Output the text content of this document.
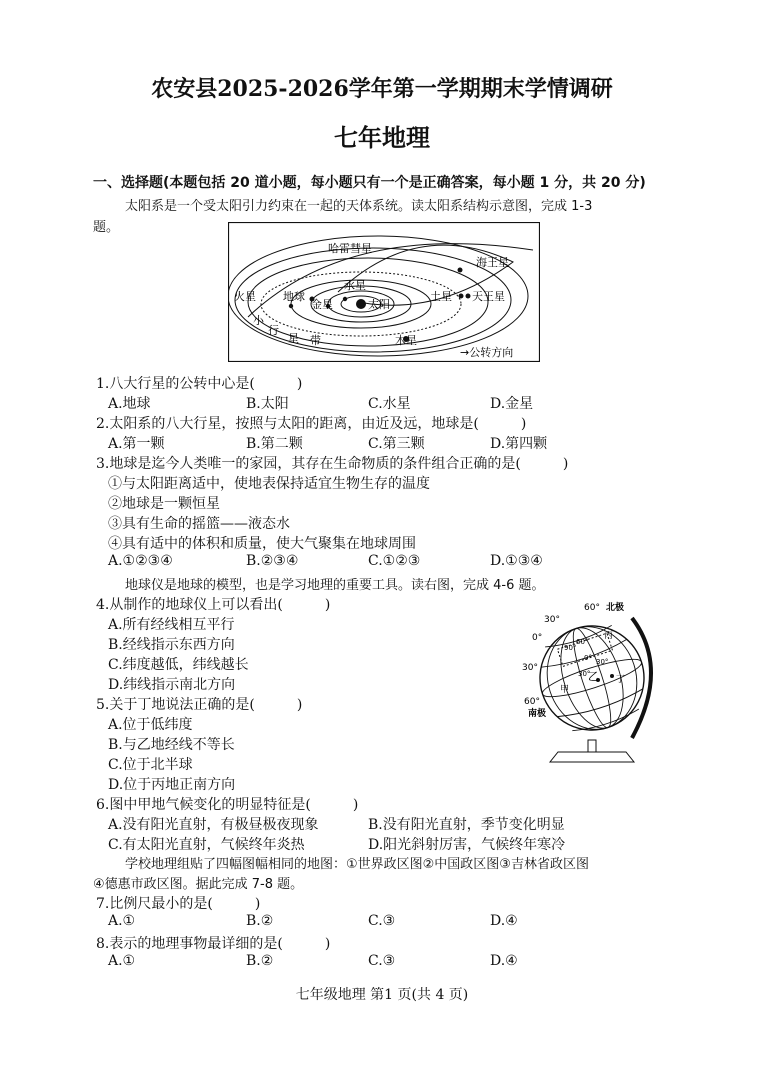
农安县2025-2026学年第一学期期末学情调研
七年地理
一、选择题(本题包括 20 道小题，每小题只有一个是正确答案，每小题 1 分，共 20 分)
太阳系是一个受太阳引力约束在一起的天体系统。读太阳系结构示意图，完成 1-3
题。
哈雷彗星
海王星
水星
火星 地球
金星	太阳
土星 天王星
小
行
星 带	木星
→公转方向
1.八大行星的公转中心是(　　　)
A.地球	B.太阳	C.水星	D.金星
2.太阳系的八大行星，按照与太阳的距离，由近及远，地球是(　　　)
A.第一颗	B.第二颗	C.第三颗	D.第四颗
3.地球是迄今人类唯一的家园，其存在生命物质的条件组合正确的是(　　　)
①与太阳距离适中，使地表保持适宜生物生存的温度
②地球是一颗恒星
③具有生命的摇篮——液态水
④具有适中的体积和质量，使大气聚集在地球周围
A.①②③④	B.②③④	C.①②③	D.①③④
地球仪是地球的模型，也是学习地理的重要工具。读右图，完成 4-6 题。
60° 北极
30°
0°
30°
60°
南极
丙
乙 丁
甲
90°
60°
30°
30°
0°
4.从制作的地球仪上可以看出(　　　)
A.所有经线相互平行
B.经线指示东西方向
C.纬度越低，纬线越长
D.纬线指示南北方向
5.关于丁地说法正确的是(　　　)
A.位于低纬度
B.与乙地经线不等长
C.位于北半球
D.位于丙地正南方向
6.图中甲地气候变化的明显特征是(　　　)
A.没有阳光直射，有极昼极夜现象	B.没有阳光直射，季节变化明显
C.有太阳光直射，气候终年炎热	D.阳光斜射厉害，气候终年寒冷
学校地理组贴了四幅图幅相同的地图：①世界政区图②中国政区图③吉林省政区图
④德惠市政区图。据此完成 7-8 题。
7.比例尺最小的是(　　　)
A.①	B.②	C.③	D.④
8.表示的地理事物最详细的是(　　　)
A.①	B.②	C.③	D.④
七年级地理 第1 页(共 4 页)
